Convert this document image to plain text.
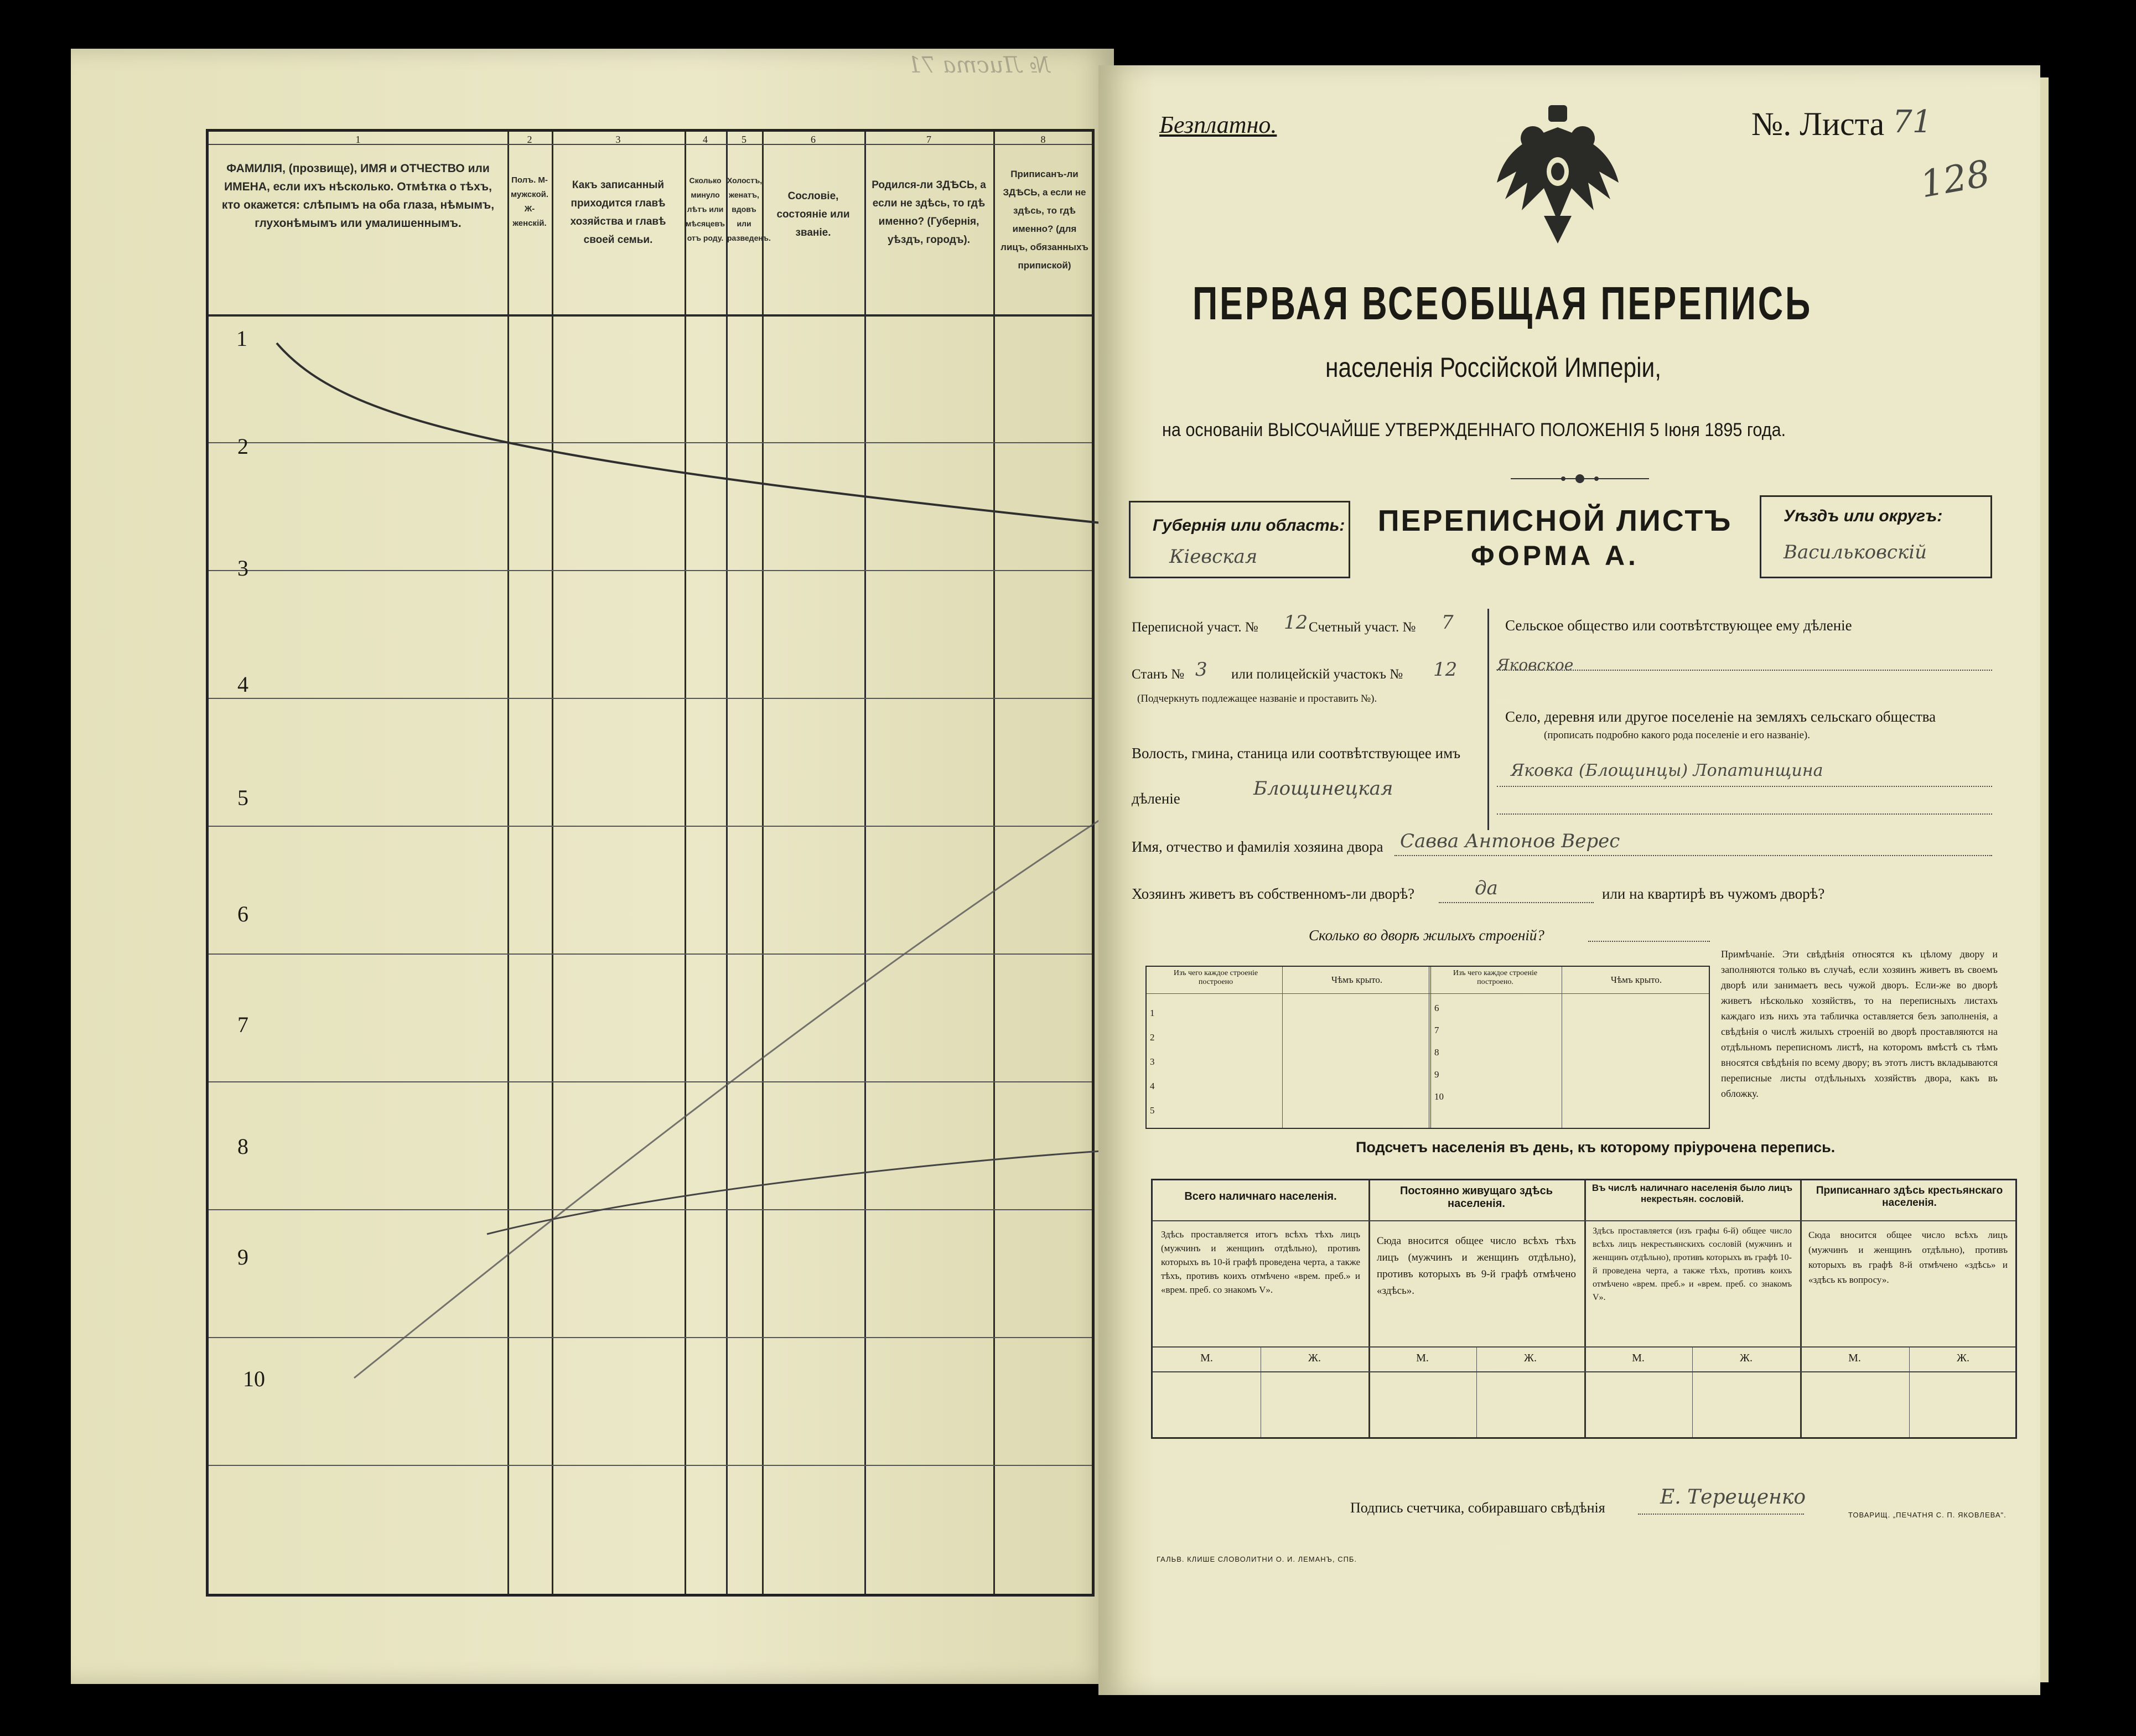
№ Листа 71
1	2	3	4	5	6	7	8
ФАМИЛІЯ, (прозвище), ИМЯ и ОТЧЕСТВО или ИМЕНА, если ихъ нѣсколько. Отмѣтка о тѣхъ, кто окажется: слѣпымъ на оба глаза, нѣмымъ, глухонѣмымъ или умалишеннымъ.
Полъ. М-мужской. Ж-женскій.
Какъ записанный приходится главѣ хозяйства и главѣ своей семьи.
Сколько минуло лѣтъ или мѣсяцевъ отъ роду.
Холостъ, женатъ, вдовъ или разведенъ.
Сословіе, состояніе или званіе.
Родился-ли ЗДѢСЬ, а если не здѣсь, то гдѣ именно? (Губернія, уѣздъ, городъ).
Приписанъ-ли ЗДѢСЬ, а если не здѣсь, то гдѣ именно? (для лицъ, обязанныхъ припиской)
1
2
3
4
5
6
7
8
9
10
Безплатно.	№. Листа 71
128
ПЕРВАЯ ВСЕОБЩАЯ ПЕРЕПИСЬ
населенія Россійской Имперіи,
на основаніи ВЫСОЧАЙШЕ УТВЕРЖДЕННАГО ПОЛОЖЕНІЯ 5 Іюня 1895 года.
Губернія или область:
Кіевская
ПЕРЕПИСНОЙ ЛИСТЪ
ФОРМА А.
Уѣздъ или округъ:
Васильковскій
Переписной участ. № 12 Счетный участ. № 7
Станъ № 3 или полицейскій участокъ № 12
(Подчеркнуть подлежащее названіе и проставить №).
Волость, гмина, станица или соотвѣтствующее имъ дѣленіе	Блощинецкая
Сельское общество или соотвѣтствующее ему дѣленіе
Яковское
Село, деревня или другое поселеніе на земляхъ сельскаго общества
(прописать подробно какого рода поселеніе и его названіе).
Яковка (Блощинцы) Лопатинщина
Имя, отчество и фамилія хозяина двора Савва Антонов Верес
Хозяинъ живетъ въ собственномъ-ли дворѣ?	да	или на квартирѣ въ чужомъ дворѣ?
Сколько во дворѣ жилыхъ строеній?
Изъ чего каждое строеніе построено	Чѣмъ крыто.
Изъ чего каждое строеніе построено.	Чѣмъ крыто.
1
2
3
4
5
6
7
8
9
10
Примѣчаніе. Эти свѣдѣнія относятся къ цѣлому двору и заполняются только въ случаѣ, если хозяинъ живетъ въ своемъ дворѣ или занимаетъ весь чужой дворъ. Если-же во дворѣ живетъ нѣсколько хозяйствъ, то на переписныхъ листахъ каждаго изъ нихъ эта табличка оставляется безъ заполненія, а свѣдѣнія о числѣ жилыхъ строеній во дворѣ проставляются на отдѣльномъ переписномъ листѣ, на которомъ вмѣстѣ съ тѣмъ вносятся свѣдѣнія по всему двору; въ этотъ листъ вкладываются переписные листы отдѣльныхъ хозяйствъ двора, какъ въ обложку.
Подсчетъ населенія въ день, къ которому пріурочена перепись.
Всего наличнаго населенія.	Постоянно живущаго здѣсь населенія.
Въ числѣ наличнаго населенія было лицъ некрестьян. сословій.
Приписаннаго здѣсь крестьянскаго населенія.
Здѣсь проставляется итогъ всѣхъ тѣхъ лицъ (мужчинъ и женщинъ отдѣльно), противъ которыхъ въ 10-й графѣ проведена черта, а также тѣхъ, противъ коихъ отмѣчено «врем. преб.» и «врем. преб. со знакомъ V».
Сюда вносится общее число всѣхъ тѣхъ лицъ (мужчинъ и женщинъ отдѣльно), противъ которыхъ въ 9-й графѣ отмѣчено «здѣсь».
Здѣсь проставляется (изъ графы 6-й) общее число всѣхъ лицъ некрестьянскихъ сословій (мужчинъ и женщинъ отдѣльно), противъ которыхъ въ графѣ 10-й проведена черта, а также тѣхъ, противъ коихъ отмѣчено «врем. преб.» и «врем. преб. со знакомъ V».
Сюда вносится общее число всѣхъ лицъ (мужчинъ и женщинъ отдѣльно), противъ которыхъ въ графѣ 8-й отмѣчено «здѣсь» и «здѣсь къ вопросу».
М.	Ж.	М.	Ж.	М.	Ж.	М.	Ж.
Подпись счетчика, собиравшаго свѣдѣнія	Е. Терещенко
ГАЛЬВ. КЛИШЕ СЛОВОЛИТНИ О. И. ЛЕМАНЪ, СПБ.
ТОВАРИЩ. „ПЕЧАТНЯ С. П. ЯКОВЛЕВА".
